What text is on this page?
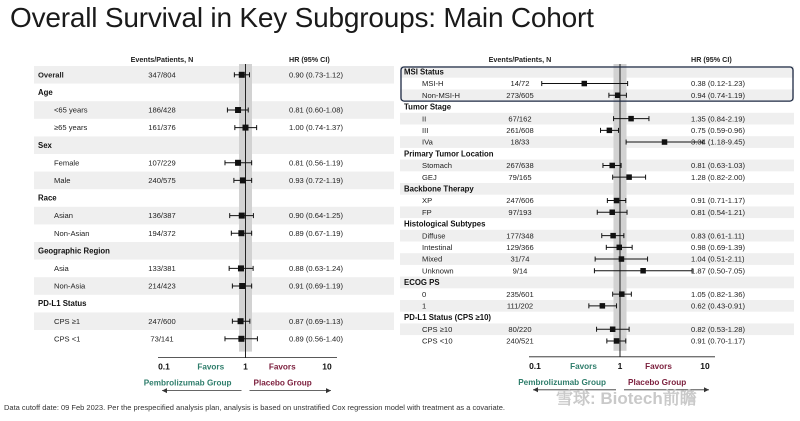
Overall Survival in Key Subgroups: Main Cohort
Events/Patients, N	HR (95% CI)
Overall	347/804	0.90 (0.73-1.12)
Age
<65 years	186/428	0.81 (0.60-1.08)
≥65 years	161/376	1.00 (0.74-1.37)
Sex
Female	107/229	0.81 (0.56-1.19)
Male	240/575	0.93 (0.72-1.19)
Race
Asian	136/387	0.90 (0.64-1.25)
Non-Asian	194/372	0.89 (0.67-1.19)
Geographic Region
Asia	133/381	0.88 (0.63-1.24)
Non-Asia	214/423	0.91 (0.69-1.19)
PD-L1 Status
CPS ≥1	247/600	0.87 (0.69-1.13)
CPS <1	73/141	0.89 (0.56-1.40)
0.1	1	10
Favors	Favors
Pembrolizumab Group	Placebo Group
Events/Patients, N	HR (95% CI)
MSI Status
MSI-H	14/72	0.38 (0.12-1.23)
Non-MSI-H	273/605	0.94 (0.74-1.19)
Tumor Stage
II	67/162	1.35 (0.84-2.19)
III	261/608	0.75 (0.59-0.96)
IVa	18/33	3.34 (1.18-9.45)
Primary Tumor Location
Stomach	267/638	0.81 (0.63-1.03)
GEJ	79/165	1.28 (0.82-2.00)
Backbone Therapy
XP	247/606	0.91 (0.71-1.17)
FP	97/193	0.81 (0.54-1.21)
Histological Subtypes
Diffuse	177/348	0.83 (0.61-1.11)
Intestinal	129/366	0.98 (0.69-1.39)
Mixed	31/74	1.04 (0.51-2.11)
Unknown	9/14	1.87 (0.50-7.05)
ECOG PS
0	235/601	1.05 (0.82-1.36)
1	111/202	0.62 (0.43-0.91)
PD-L1 Status (CPS ≥10)
CPS ≥10	80/220	0.82 (0.53-1.28)
CPS <10	240/521	0.91 (0.70-1.17)
0.1	1	10
Favors	Favors
Pembrolizumab Group	Placebo Group
Data cutoff date: 09 Feb 2023. Per the prespecified analysis plan, analysis is based on unstratified Cox regression model with treatment as a covariate.	雪球: Biotech前瞻
